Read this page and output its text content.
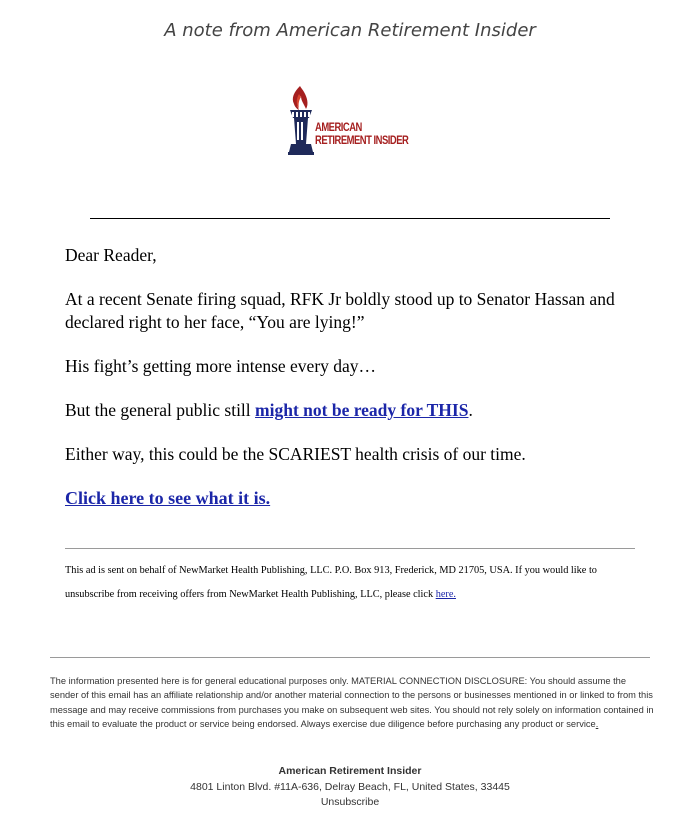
A note from American Retirement Insider
AMERICAN
RETIREMENT INSIDER

Dear Reader,

At a recent Senate firing squad, RFK Jr boldly stood up to Senator Hassan and declared right to her face, “You are lying!”

His fight’s getting more intense every day…

But the general public still might not be ready for THIS.

Either way, this could be the SCARIEST health crisis of our time.

Click here to see what it is.

This ad is sent on behalf of NewMarket Health Publishing, LLC. P.O. Box 913, Frederick, MD 21705, USA. If you would like to unsubscribe from receiving offers from NewMarket Health Publishing, LLC, please click here.
The information presented here is for general educational purposes only. MATERIAL CONNECTION DISCLOSURE: You should assume the sender of this email has an affiliate relationship and/or another material connection to the persons or businesses mentioned in or linked to from this message and may receive commissions from purchases you make on subsequent web sites. You should not rely solely on information contained in this email to evaluate the product or service being endorsed. Always exercise due diligence before purchasing any product or service.
American Retirement Insider
4801 Linton Blvd. #11A-636, Delray Beach, FL, United States, 33445
Unsubscribe
